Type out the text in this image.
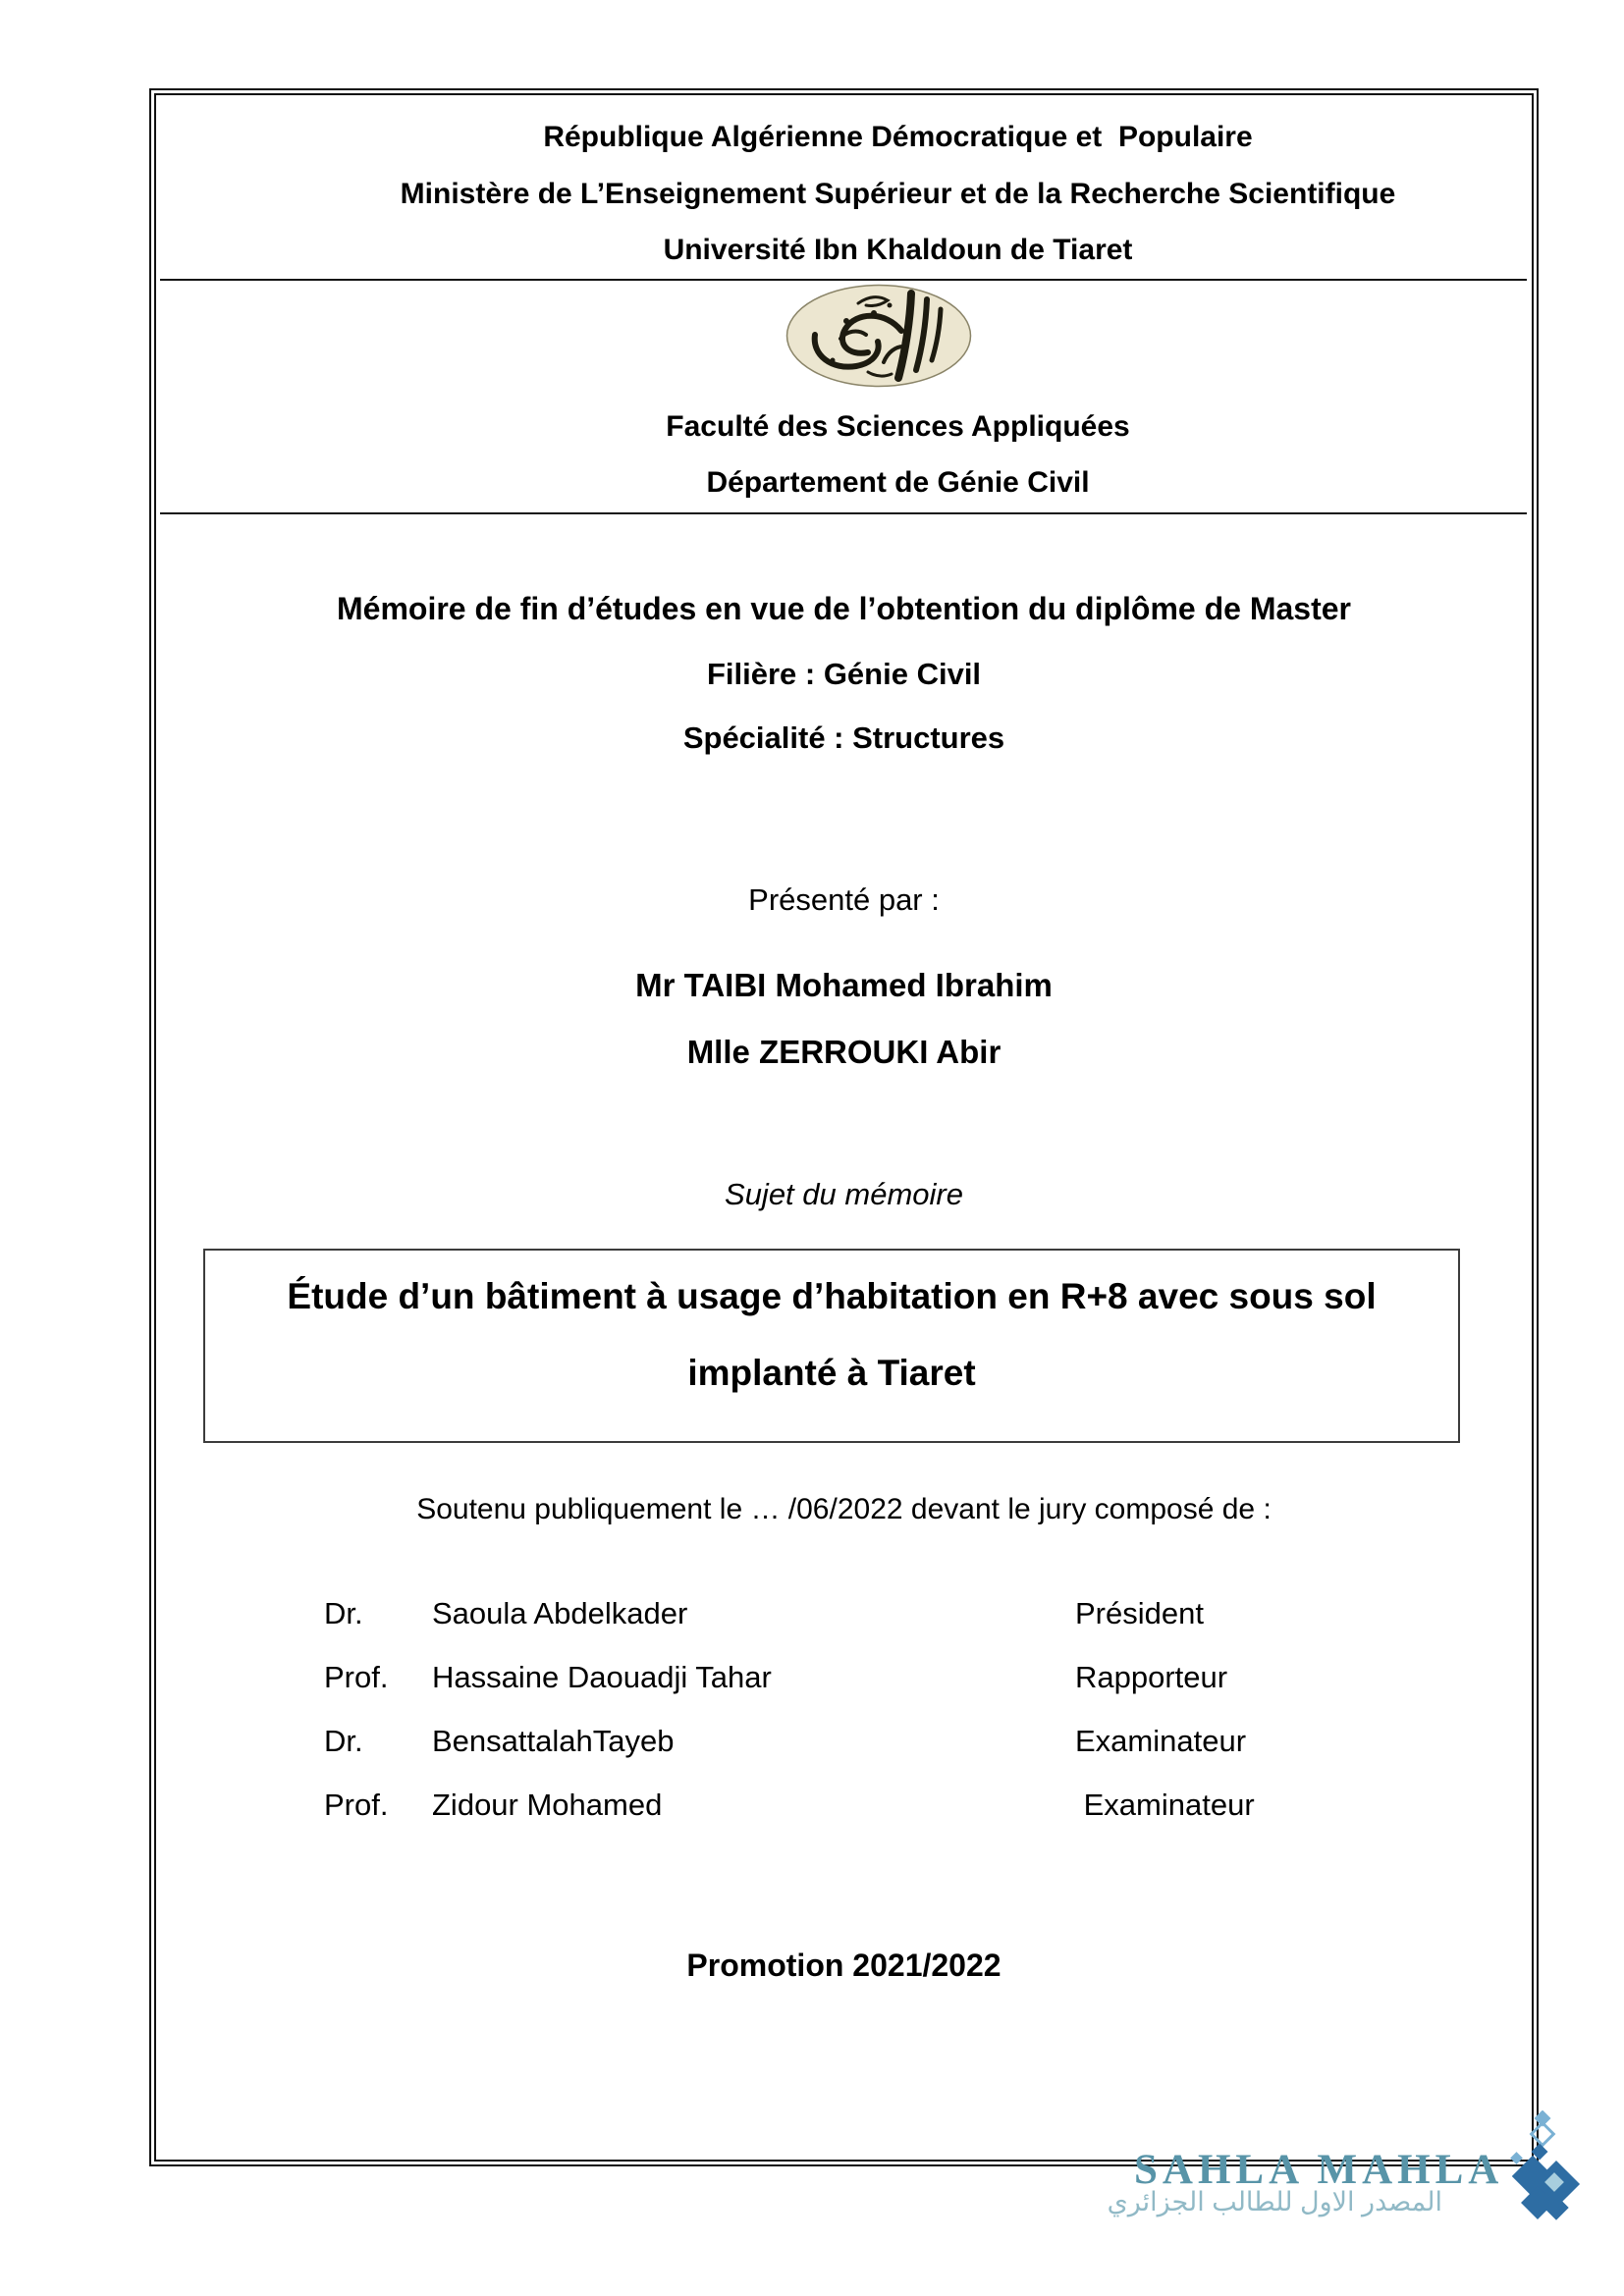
République Algérienne Démocratique et  Populaire
Ministère de L’Enseignement Supérieur et de la Recherche Scientifique
Université Ibn Khaldoun de Tiaret
Faculté des Sciences Appliquées
Département de Génie Civil
Mémoire de fin d’études en vue de l’obtention du diplôme de Master
Filière : Génie Civil
Spécialité : Structures
Présenté par :
Mr TAIBI Mohamed Ibrahim
Mlle ZERROUKI Abir
Sujet du mémoire
Étude d’un bâtiment à usage d’habitation en R+8 avec sous sol
implanté à Tiaret
Soutenu publiquement le … /06/2022 devant le jury composé de :
Dr. Saoula Abdelkader	Président
Prof. Hassaine Daouadji Tahar	Rapporteur
Dr. BensattalahTayeb	Examinateur
Prof. Zidour Mohamed	Examinateur
Promotion 2021/2022
SAHLA MAHLA
المصدر الاول للطالب الجزائري
